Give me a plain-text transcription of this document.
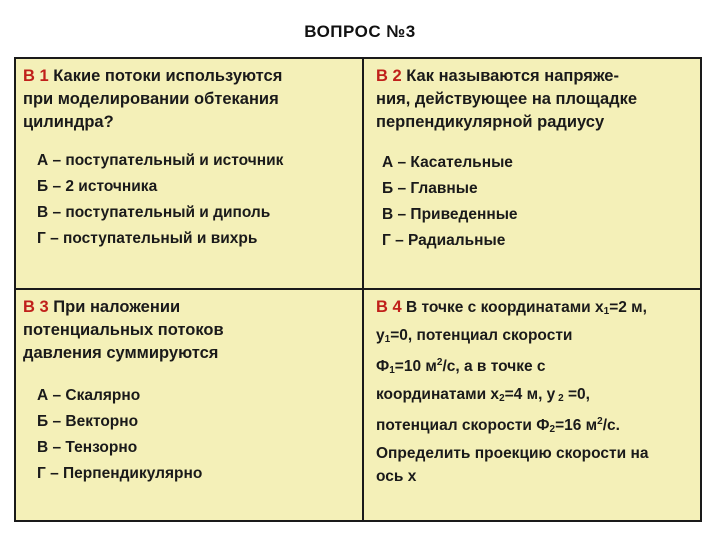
ВОПРОС №3
В 1 Какие потоки используются
при моделировании обтекания
цилиндра?
А – поступательный и источник
Б – 2 источника
В – поступательный и диполь
Г – поступательный и вихрь
В 2 Как называются напряже-
ния, действующее на площадке
перпендикулярной радиусу
А – Касательные
Б – Главные
В – Приведенные
Г – Радиальные
В 3 При наложении
потенциальных потоков
давления суммируются
А – Скалярно
Б – Векторно
В – Тензорно
Г – Перпендикулярно
В 4 В точке с координатами $x_1=2$ м,
$y_1=0$, потенциал скорости
$Ф_1=10$ $м^2/с$, а в точке с
координатами $x_2=4$ м, y $_2$ =0,
потенциал скорости $Ф_2=16$ $м^2/с$.
Определить проекцию скорости на
ось x
